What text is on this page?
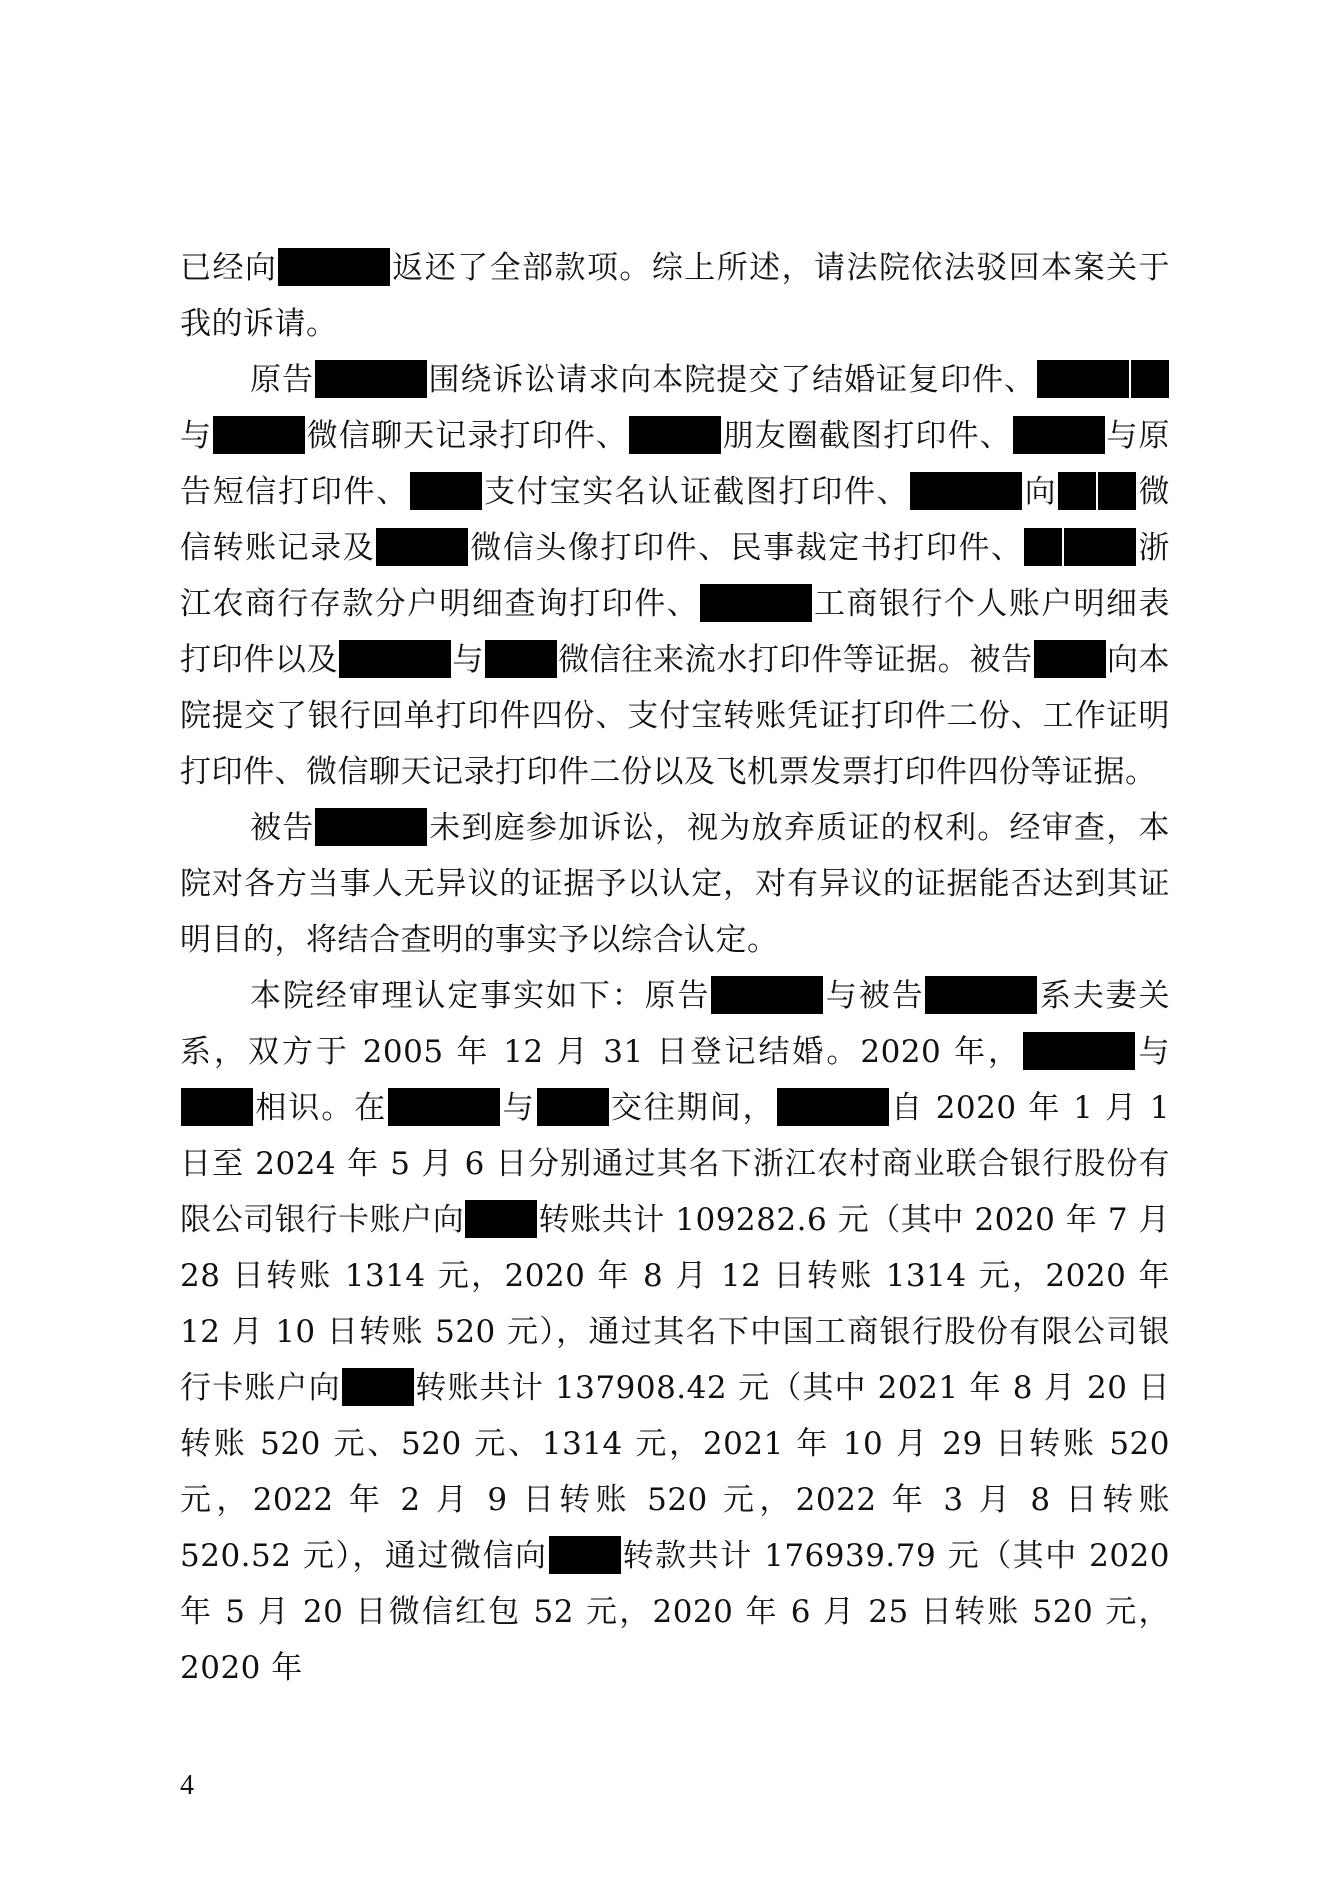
已经向	返还了全部款项。综上所述，请法院依法驳回本案关于我的诉请。

原告	围绕诉讼请求向本院提交了结婚证复印件、与	微信聊天记录打印件、	朋友圈截图打印件、	与原告短信打印件、 支付宝实名认证截图打印件、	向	微信转账记录及	微信头像打印件、民事裁定书打印件、	浙江农商行存款分户明细查询打印件、	工商银行个人账户明细表打印件以及	与 微信往来流水打印件等证据。被告 向本院提交了银行回单打印件四份、支付宝转账凭证打印件二份、工作证明打印件、微信聊天记录打印件二份以及飞机票发票打印件四份等证据。

被告	未到庭参加诉讼，视为放弃质证的权利。经审查，本院对各方当事人无异议的证据予以认定，对有异议的证据能否达到其证明目的，将结合查明的事实予以综合认定。

本院经审理认定事实如下：原告	与被告	系夫妻关系，双方于 2005 年 12 月 31 日登记结婚。2020 年，	与相识。在	与 交往期间，	自 2020 年 1 月 1 日至 2024 年 5 月 6 日分别通过其名下浙江农村商业联合银行股份有限公司银行卡账户向 转账共计 109282.6 元（其中 2020 年 7 月 28 日转账 1314 元，2020 年 8 月 12 日转账 1314 元，2020 年 12 月 10 日转账 520 元），通过其名下中国工商银行股份有限公司银行卡账户向 转账共计 137908.42 元（其中 2021 年 8 月 20 日转账 520 元、520 元、1314 元，2021 年 10 月 29 日转账 520 元，2022 年 2 月 9 日转账 520 元，2022 年 3 月 8 日转账 520.52 元），通过微信向 转款共计 176939.79 元（其中 2020 年 5 月 20 日微信红包 52 元，2020 年 6 月 25 日转账 520 元，2020 年

4
